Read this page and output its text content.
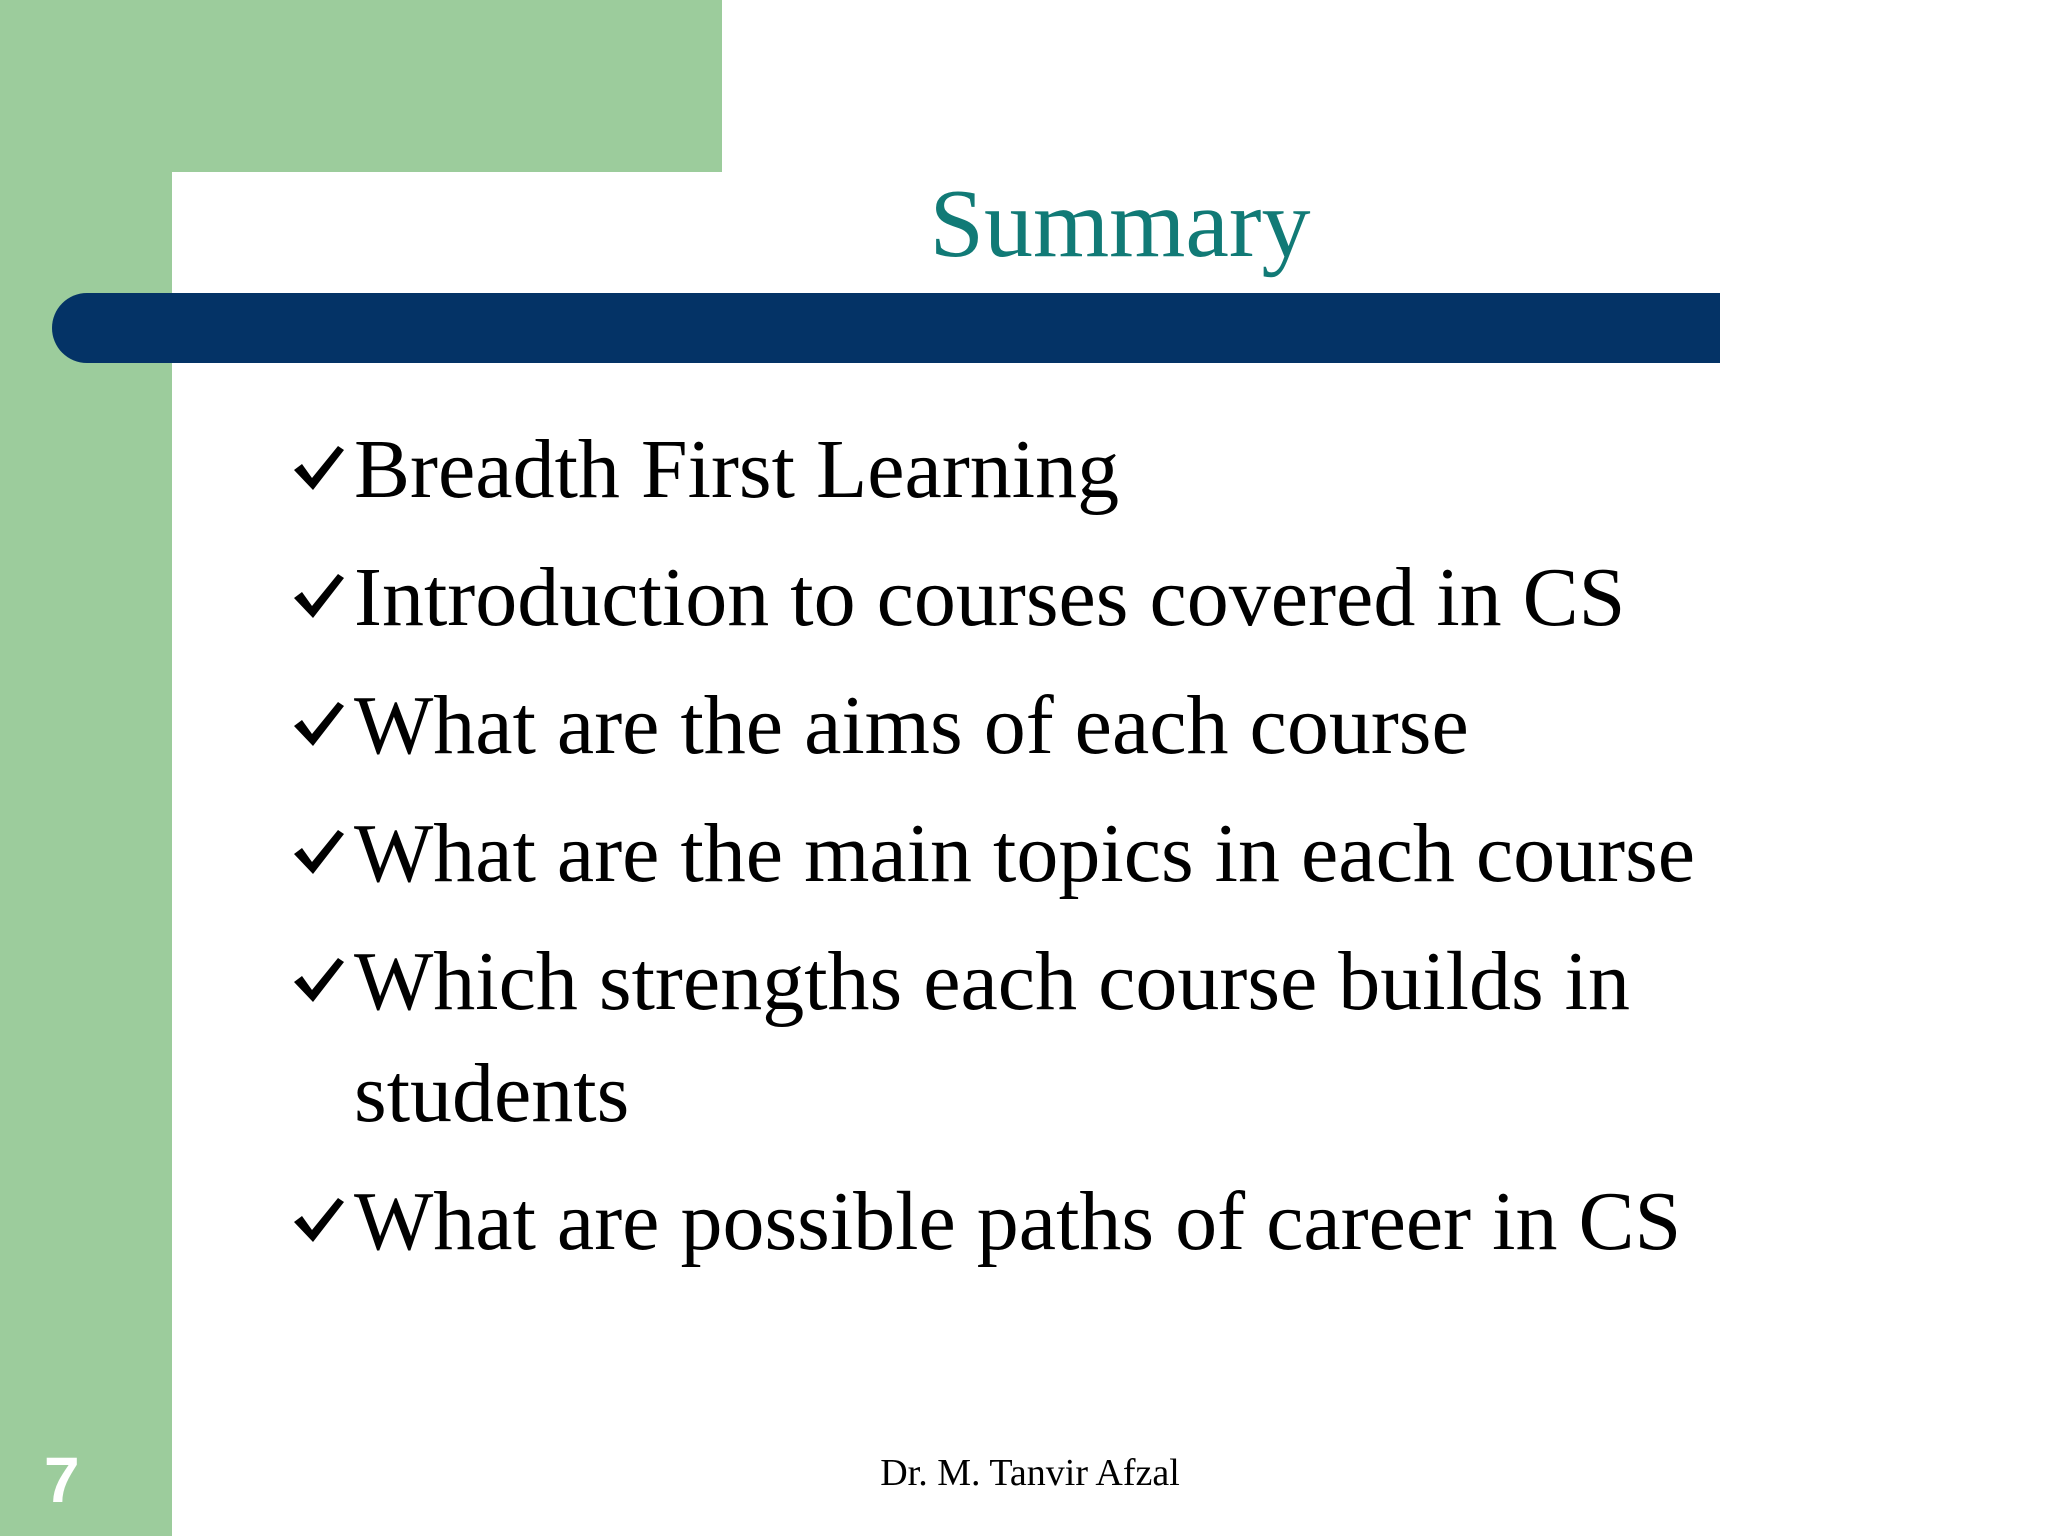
Summary
Breadth First Learning
Introduction to courses covered in CS
What are the aims of each course
What are the main topics in each course
Which strengths each course builds in students
What are possible paths of career in CS
7	Dr. M. Tanvir Afzal
